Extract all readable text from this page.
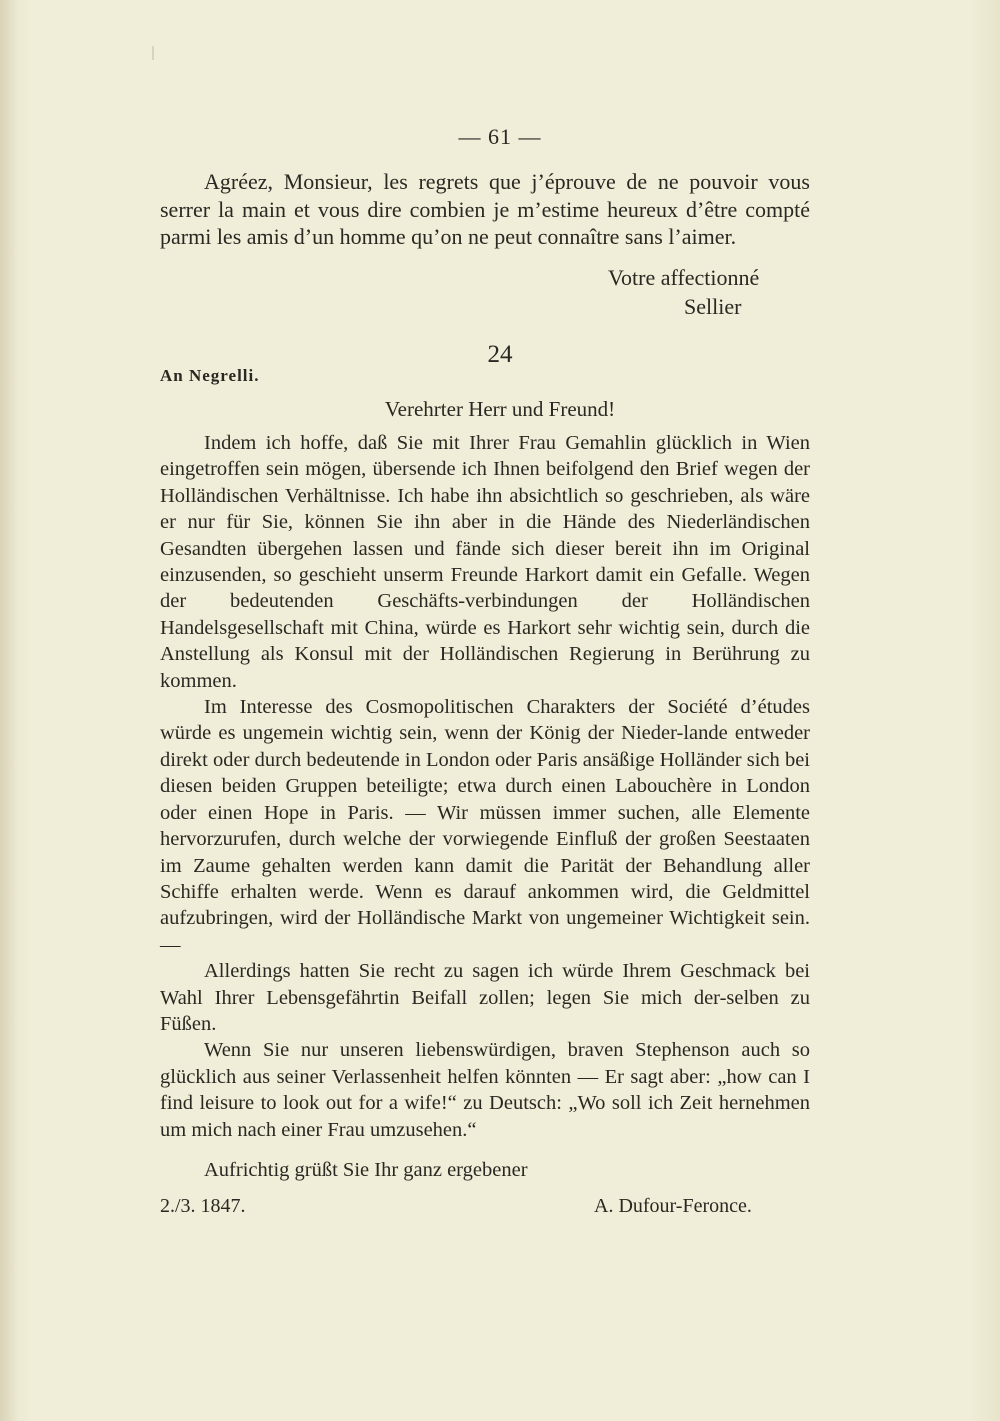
— 61 —
Agréez, Monsieur, les regrets que j’éprouve de ne pouvoir vous serrer la main et vous dire combien je m’estime heureux d’être compté parmi les amis d’un homme qu’on ne peut connaître sans l’aimer.
Votre affectionné
Sellier
An Negrelli.
24
Verehrter Herr und Freund!

Indem ich hoffe, daß Sie mit Ihrer Frau Gemahlin glücklich in Wien eingetroffen sein mögen, übersende ich Ihnen beifolgend den Brief wegen der Holländischen Verhältnisse. Ich habe ihn absichtlich so geschrieben, als wäre er nur für Sie, können Sie ihn aber in die Hände des Niederländischen Gesandten übergehen lassen und fände sich dieser bereit ihn im Original einzusenden, so geschieht unserm Freunde Harkort damit ein Gefalle. Wegen der bedeutenden Geschäfts-verbindungen der Holländischen Handelsgesellschaft mit China, würde es Harkort sehr wichtig sein, durch die Anstellung als Konsul mit der Holländischen Regierung in Berührung zu kommen.

Im Interesse des Cosmopolitischen Charakters der Société d’études würde es ungemein wichtig sein, wenn der König der Nieder-lande entweder direkt oder durch bedeutende in London oder Paris ansäßige Holländer sich bei diesen beiden Gruppen beteiligte; etwa durch einen Labouchère in London oder einen Hope in Paris. — Wir müssen immer suchen, alle Elemente hervorzurufen, durch welche der vorwiegende Einfluß der großen Seestaaten im Zaume gehalten werden kann damit die Parität der Behandlung aller Schiffe erhalten werde. Wenn es darauf ankommen wird, die Geldmittel aufzubringen, wird der Holländische Markt von ungemeiner Wichtigkeit sein. —

Allerdings hatten Sie recht zu sagen ich würde Ihrem Geschmack bei Wahl Ihrer Lebensgefährtin Beifall zollen; legen Sie mich der-selben zu Füßen.

Wenn Sie nur unseren liebenswürdigen, braven Stephenson auch so glücklich aus seiner Verlassenheit helfen könnten — Er sagt aber: „how can I find leisure to look out for a wife!“ zu Deutsch: „Wo soll ich Zeit hernehmen um mich nach einer Frau umzusehen.“

Aufrichtig grüßt Sie Ihr ganz ergebener
2./3. 1847.	A. Dufour-Feronce.
